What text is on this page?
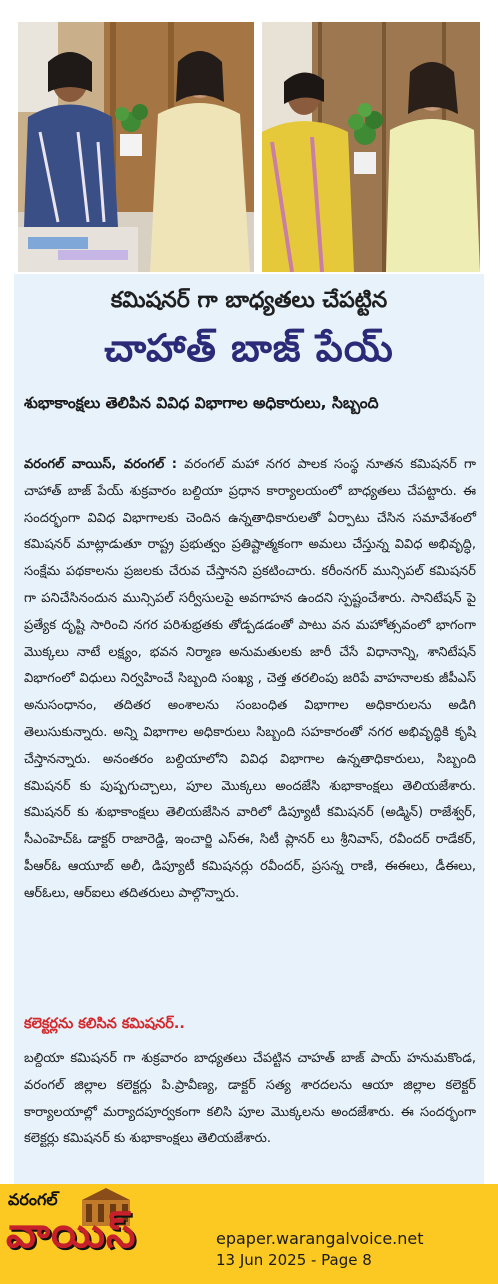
కమిషనర్ గా బాధ్యతలు చేపట్టిన
చాహాత్ బాజ్ పేయ్
శుభాకాంక్షలు తెలిపిన వివిధ విభాగాల అధికారులు, సిబ్బంది
వరంగల్ వాయిస్, వరంగల్ : వరంగల్ మహా నగర పాలక సంస్థ నూతన కమిషనర్ గా చాహాత్ బాజ్ పేయ్ శుక్రవారం బల్దియా ప్రధాన కార్యాలయంలో బాధ్యతలు చేపట్టారు. ఈ సందర్భంగా వివిధ విభాగాలకు చెందిన ఉన్నతాధికారులతో ఏర్పాటు చేసిన సమావేశంలో కమిషనర్ మాట్లాడుతూ రాష్ట్ర ప్రభుత్వం ప్రతిష్టాత్మకంగా అమలు చేస్తున్న వివిధ అభివృద్ధి, సంక్షేమ పథకాలను ప్రజలకు చేరువ చేస్తానని ప్రకటించారు. కరీంనగర్ మున్సిపల్ కమిషనర్ గా పనిచేసినందున మున్సిపల్ సర్వీసులపై అవగాహన ఉందని స్పష్టంచేశారు. సానిటేషన్ పై ప్రత్యేక దృష్టి సారించి నగర పరిశుభ్రతకు తోడ్పడడంతో పాటు వన మహోత్సవంలో భాగంగా మొక్కలు నాటే లక్ష్యం, భవన నిర్మాణ అనుమతులకు జారీ చేసే విధానాన్ని, శానిటేషన్ విభాగంలో విధులు నిర్వహించే సిబ్బంది సంఖ్య , చెత్త తరలింపు జరిపే వాహనాలకు జీపీఎస్ అనుసంధానం, తదితర అంశాలను సంబంధిత విభాగాల అధికారులను అడిగి తెలుసుకున్నారు. అన్ని విభాగాల అధికారులు సిబ్బంది సహకారంతో నగర అభివృద్ధికి కృషి చేస్తానన్నారు. అనంతరం బల్దియాలోని వివిధ విభాగాల ఉన్నతాధికారులు, సిబ్బంది కమిషనర్ కు పుష్పగుచ్చాలు, పూల మొక్కలు అందజేసి శుభాకాంక్షలు తెలియజేశారు. కమిషనర్ కు శుభాకాంక్షలు తెలియజేసిన వారిలో డిప్యూటీ కమిషనర్ (అడ్మిన్) రాజేశ్వర్, సీఎంహెచ్ఓ డాక్టర్ రాజారెడ్డి, ఇంచార్జి ఎస్ఈ, సిటీ ప్లానర్ లు శ్రీనివాస్, రవీందర్ రాడేకర్, పీఆర్ఓ ఆయూబ్ అలీ, డిప్యూటీ కమిషనర్లు రవీందర్, ప్రసన్న రాణి, ఈఈలు, డీఈలు, ఆర్ఓలు, ఆర్ఐలు తదితరులు పాల్గొన్నారు.
కలెక్టర్లను కలిసిన కమిషనర్..
బల్దియా కమిషనర్ గా శుక్రవారం బాధ్యతలు చేపట్టిన చాహత్ బాజ్ పాయ్ హనుమకొండ, వరంగల్ జిల్లాల కలెక్టర్లు పి.ప్రావీణ్య, డాక్టర్ సత్య శారదలను ఆయా జిల్లాల కలెక్టర్ కార్యాలయాల్లో మర్యాదపూర్వకంగా కలిసి పూల మొక్కలను అందజేశారు. ఈ సందర్భంగా కలెక్టర్లు కమిషనర్ కు శుభాకాంక్షలు తెలియజేశారు.
వరంగల్
వాయిస్	epaper.warangalvoice.net
13 Jun 2025 - Page 8
